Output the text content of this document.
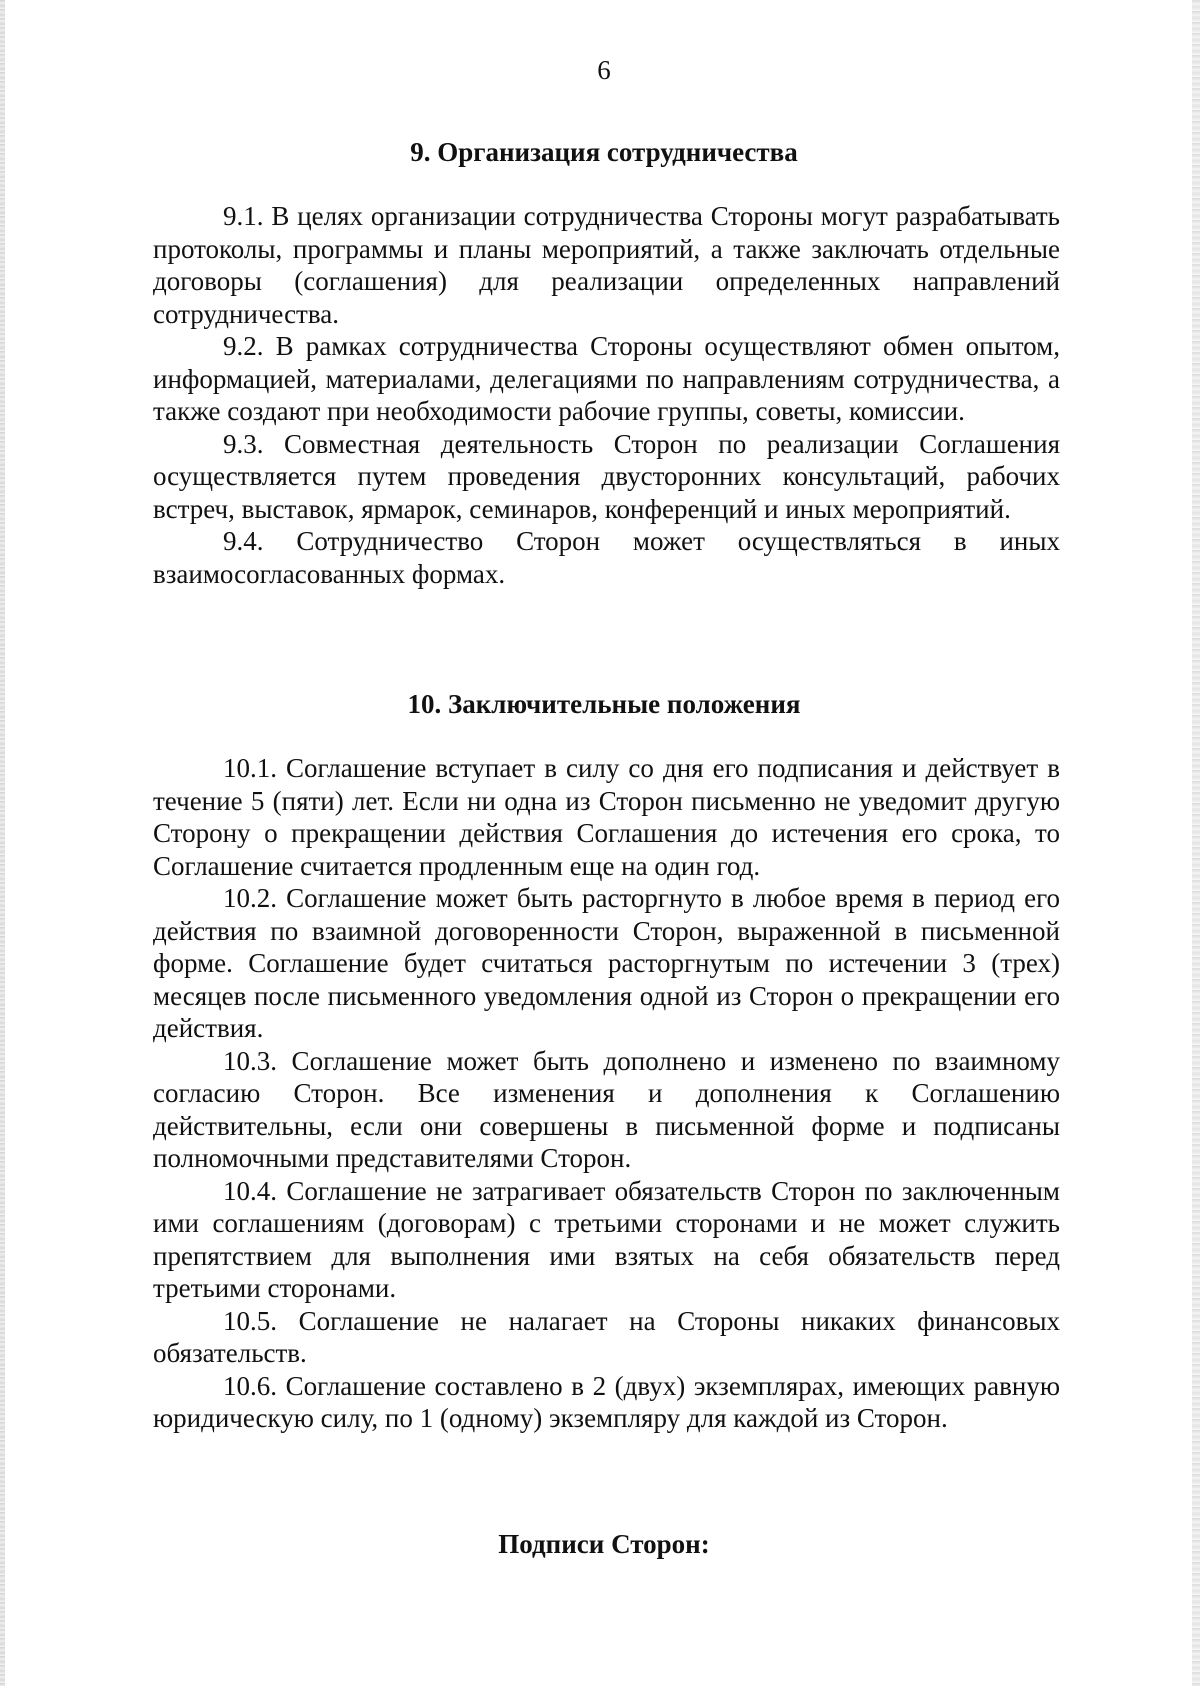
6
9. Организация сотрудничества

9.1. В целях организации сотрудничества Стороны могут разрабатывать протоколы, программы и планы мероприятий, а также заключать отдельные договоры (соглашения) для реализации определенных направлений сотрудничества.

9.2. В рамках сотрудничества Стороны осуществляют обмен опытом, информацией, материалами, делегациями по направлениям сотрудничества, а также создают при необходимости рабочие группы, советы, комиссии.

9.3. Совместная деятельность Сторон по реализации Соглашения осуществляется путем проведения двусторонних консультаций, рабочих встреч, выставок, ярмарок, семинаров, конференций и иных мероприятий.

9.4. Сотрудничество Сторон может осуществляться в иных взаимосогласованных формах.

10. Заключительные положения

10.1. Соглашение вступает в силу со дня его подписания и действует в течение 5 (пяти) лет. Если ни одна из Сторон письменно не уведомит другую Сторону о прекращении действия Соглашения до истечения его срока, то Соглашение считается продленным еще на один год.

10.2. Соглашение может быть расторгнуто в любое время в период его действия по взаимной договоренности Сторон, выраженной в письменной форме. Соглашение будет считаться расторгнутым по истечении 3 (трех) месяцев после письменного уведомления одной из Сторон о прекращении его действия.

10.3. Соглашение может быть дополнено и изменено по взаимному согласию Сторон. Все изменения и дополнения к Соглашению действительны, если они совершены в письменной форме и подписаны полномочными представителями Сторон.

10.4. Соглашение не затрагивает обязательств Сторон по заключенным ими соглашениям (договорам) с третьими сторонами и не может служить препятствием для выполнения ими взятых на себя обязательств перед третьими сторонами.

10.5. Соглашение не налагает на Стороны никаких финансовых обязательств.

10.6. Соглашение составлено в 2 (двух) экземплярах, имеющих равную юридическую силу, по 1 (одному) экземпляру для каждой из Сторон.

Подписи Сторон:
